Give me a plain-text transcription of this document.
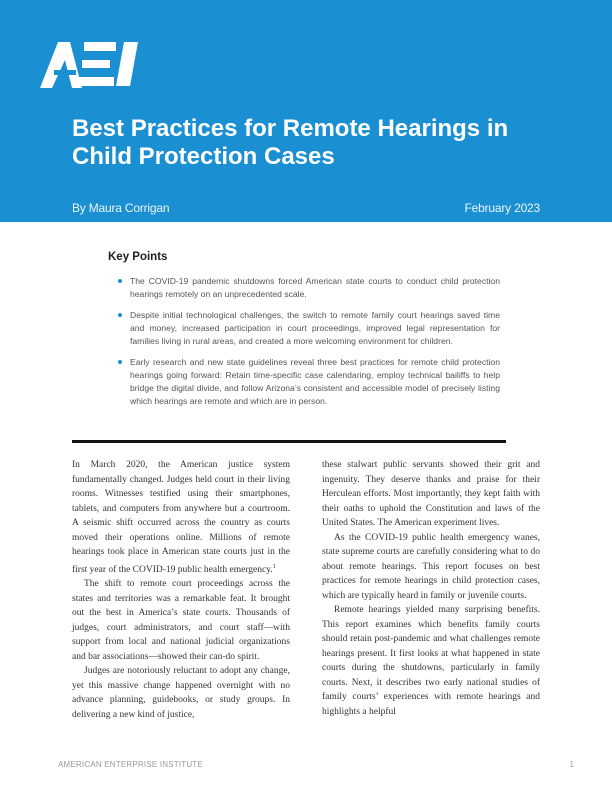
Best Practices for Remote Hearings in Child Protection Cases
By Maura Corrigan	February 2023
Key Points
The COVID-19 pandemic shutdowns forced American state courts to conduct child protection hearings remotely on an unprecedented scale.
Despite initial technological challenges, the switch to remote family court hearings saved time and money, increased participation in court proceedings, improved legal representation for families living in rural areas, and created a more welcoming environment for children.
Early research and new state guidelines reveal three best practices for remote child protection hearings going forward: Retain time-specific case calendaring, employ technical bailiffs to help bridge the digital divide, and follow Arizona’s consistent and accessible model of precisely listing which hearings are remote and which are in person.

In March 2020, the American justice system fundamentally changed. Judges held court in their living rooms. Witnesses testified using their smartphones, tablets, and computers from anywhere but a courtroom. A seismic shift occurred across the country as courts moved their operations online. Millions of remote hearings took place in American state courts just in the first year of the COVID-19 public health emergency.$^1$

The shift to remote court proceedings across the states and territories was a remarkable feat. It brought out the best in America’s state courts. Thousands of judges, court administrators, and court staff—with support from local and national judicial organizations and bar associations—showed their can-do spirit.

Judges are notoriously reluctant to adopt any change, yet this massive change happened overnight with no advance planning, guidebooks, or study groups. In delivering a new kind of justice,

these stalwart public servants showed their grit and ingenuity. They deserve thanks and praise for their Herculean efforts. Most importantly, they kept faith with their oaths to uphold the Constitution and laws of the United States. The American experiment lives.

As the COVID-19 public health emergency wanes, state supreme courts are carefully considering what to do about remote hearings. This report focuses on best practices for remote hearings in child protection cases, which are typically heard in family or juvenile courts.

Remote hearings yielded many surprising benefits. This report examines which benefits family courts should retain post-pandemic and what challenges remote hearings present. It first looks at what happened in state courts during the shutdowns, particularly in family courts. Next, it describes two early national studies of family courts’ experiences with remote hearings and highlights a helpful

AMERICAN ENTERPRISE INSTITUTE	1
